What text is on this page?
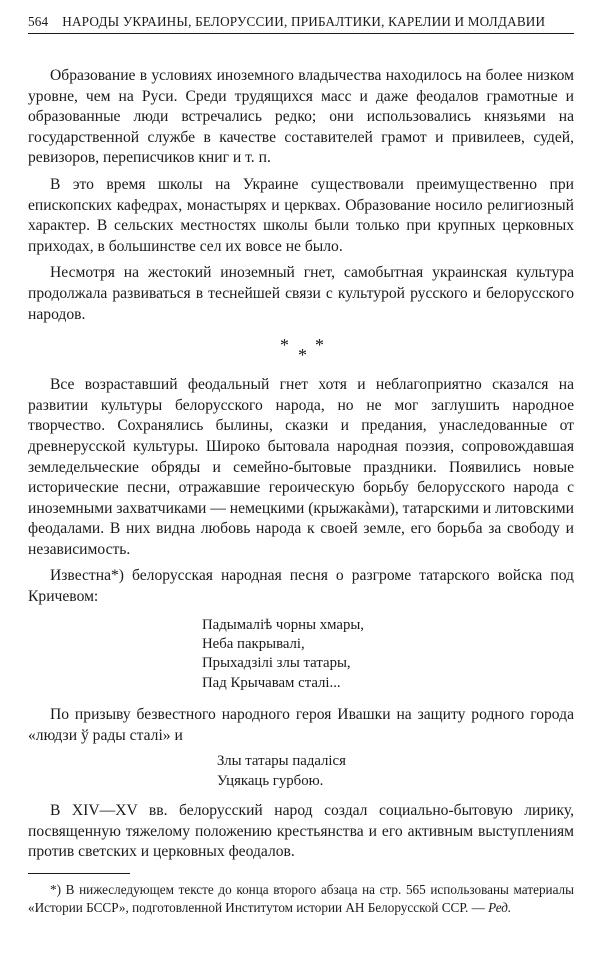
564 НАРОДЫ УКРАИНЫ, БЕЛОРУССИИ, ПРИБАЛТИКИ, КАРЕЛИИ И МОЛДАВИИ

Образование в условиях иноземного владычества находилось на более низком уровне, чем на Руси. Среди трудящихся масс и даже феодалов грамотные и образованные люди встречались редко; они использовались князьями на государственной службе в качестве составителей грамот и привилеев, судей, ревизоров, переписчиков книг и т. п.

В это время школы на Украине существовали преимущественно при епископских кафедрах, монастырях и церквах. Образование носило религиозный характер. В сельских местностях школы были только при крупных церковных приходах, в большинстве сел их вовсе не было.

Несмотря на жестокий иноземный гнет, самобытная украинская культура продолжала развиваться в теснейшей связи с культурой русского и белорусского народов.

* * *

Все возраставший феодальный гнет хотя и неблагоприятно сказался на развитии культуры белорусского народа, но не мог заглушить народное творчество. Сохранялись былины, сказки и предания, унаследованные от древнерусской культуры. Широко бытовала народная поэзия, сопровождавшая земледельческие обряды и семейно-бытовые праздники. Появились новые исторические песни, отражавшие героическую борьбу белорусского народа с иноземными захватчиками — немецкими (крыжакàми), татарскими и литовскими феодалами. В них видна любовь народа к своей земле, его борьба за свободу и независимость.

Известна*) белорусская народная песня о разгроме татарского войска под Кричевом:

Падымаліѣ чорны хмары,
Неба пакрывалі,
Прыхадзілі злы татары,
Пад Крычавам сталі...

По призыву безвестного народного героя Ивашки на защиту родного города «людзи ў рады сталі» и

Злы татары падаліся
Уцякаць гурбою.

В XIV—XV вв. белорусский народ создал социально-бытовую лирику, посвященную тяжелому положению крестьянства и его активным выступлениям против светских и церковных феодалов.

*) В нижеследующем тексте до конца второго абзаца на стр. 565 использованы материалы «Истории БССР», подготовленной Институтом истории АН Белорусской ССР. — Ред.
